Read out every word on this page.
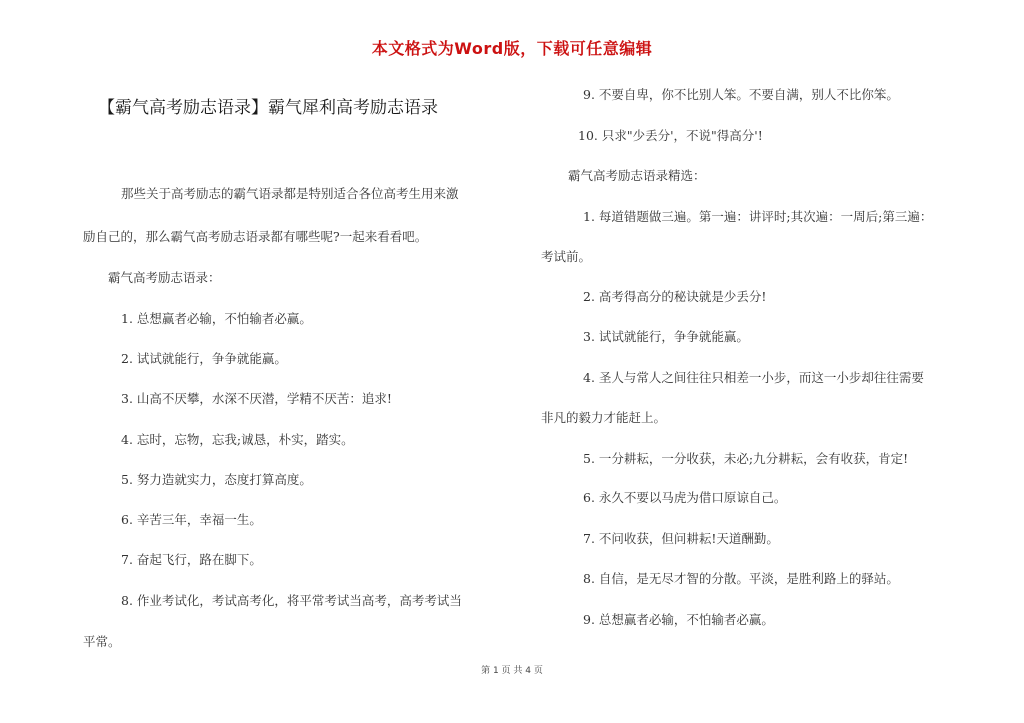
本文格式为Word版，下载可任意编辑
【霸气高考励志语录】霸气犀利高考励志语录

那些关于高考励志的霸气语录都是特别适合各位高考生用来激

励自己的，那么霸气高考励志语录都有哪些呢?一起来看看吧。

霸气高考励志语录：

1. 总想赢者必输，不怕输者必赢。

2. 试试就能行，争争就能赢。

3. 山高不厌攀，水深不厌潜，学精不厌苦：追求!

4. 忘时，忘物，忘我;诚恳，朴实，踏实。

5. 努力造就实力，态度打算高度。

6. 辛苦三年，幸福一生。

7. 奋起飞行，路在脚下。

8. 作业考试化，考试高考化，将平常考试当高考，高考考试当

平常。

9. 不要自卑，你不比别人笨。不要自满，别人不比你笨。

10. 只求"少丢分'，不说"得高分'!

霸气高考励志语录精选：

1. 每道错题做三遍。第一遍：讲评时;其次遍：一周后;第三遍：

考试前。

2. 高考得高分的秘诀就是少丢分!

3. 试试就能行，争争就能赢。

4. 圣人与常人之间往往只相差一小步，而这一小步却往往需要

非凡的毅力才能赶上。

5. 一分耕耘，一分收获，未必;九分耕耘，会有收获，肯定!

6. 永久不要以马虎为借口原谅自己。

7. 不问收获，但问耕耘!天道酬勤。

8. 自信，是无尽才智的分散。平淡，是胜利路上的驿站。

9. 总想赢者必输，不怕输者必赢。

第 1 页 共 4 页
